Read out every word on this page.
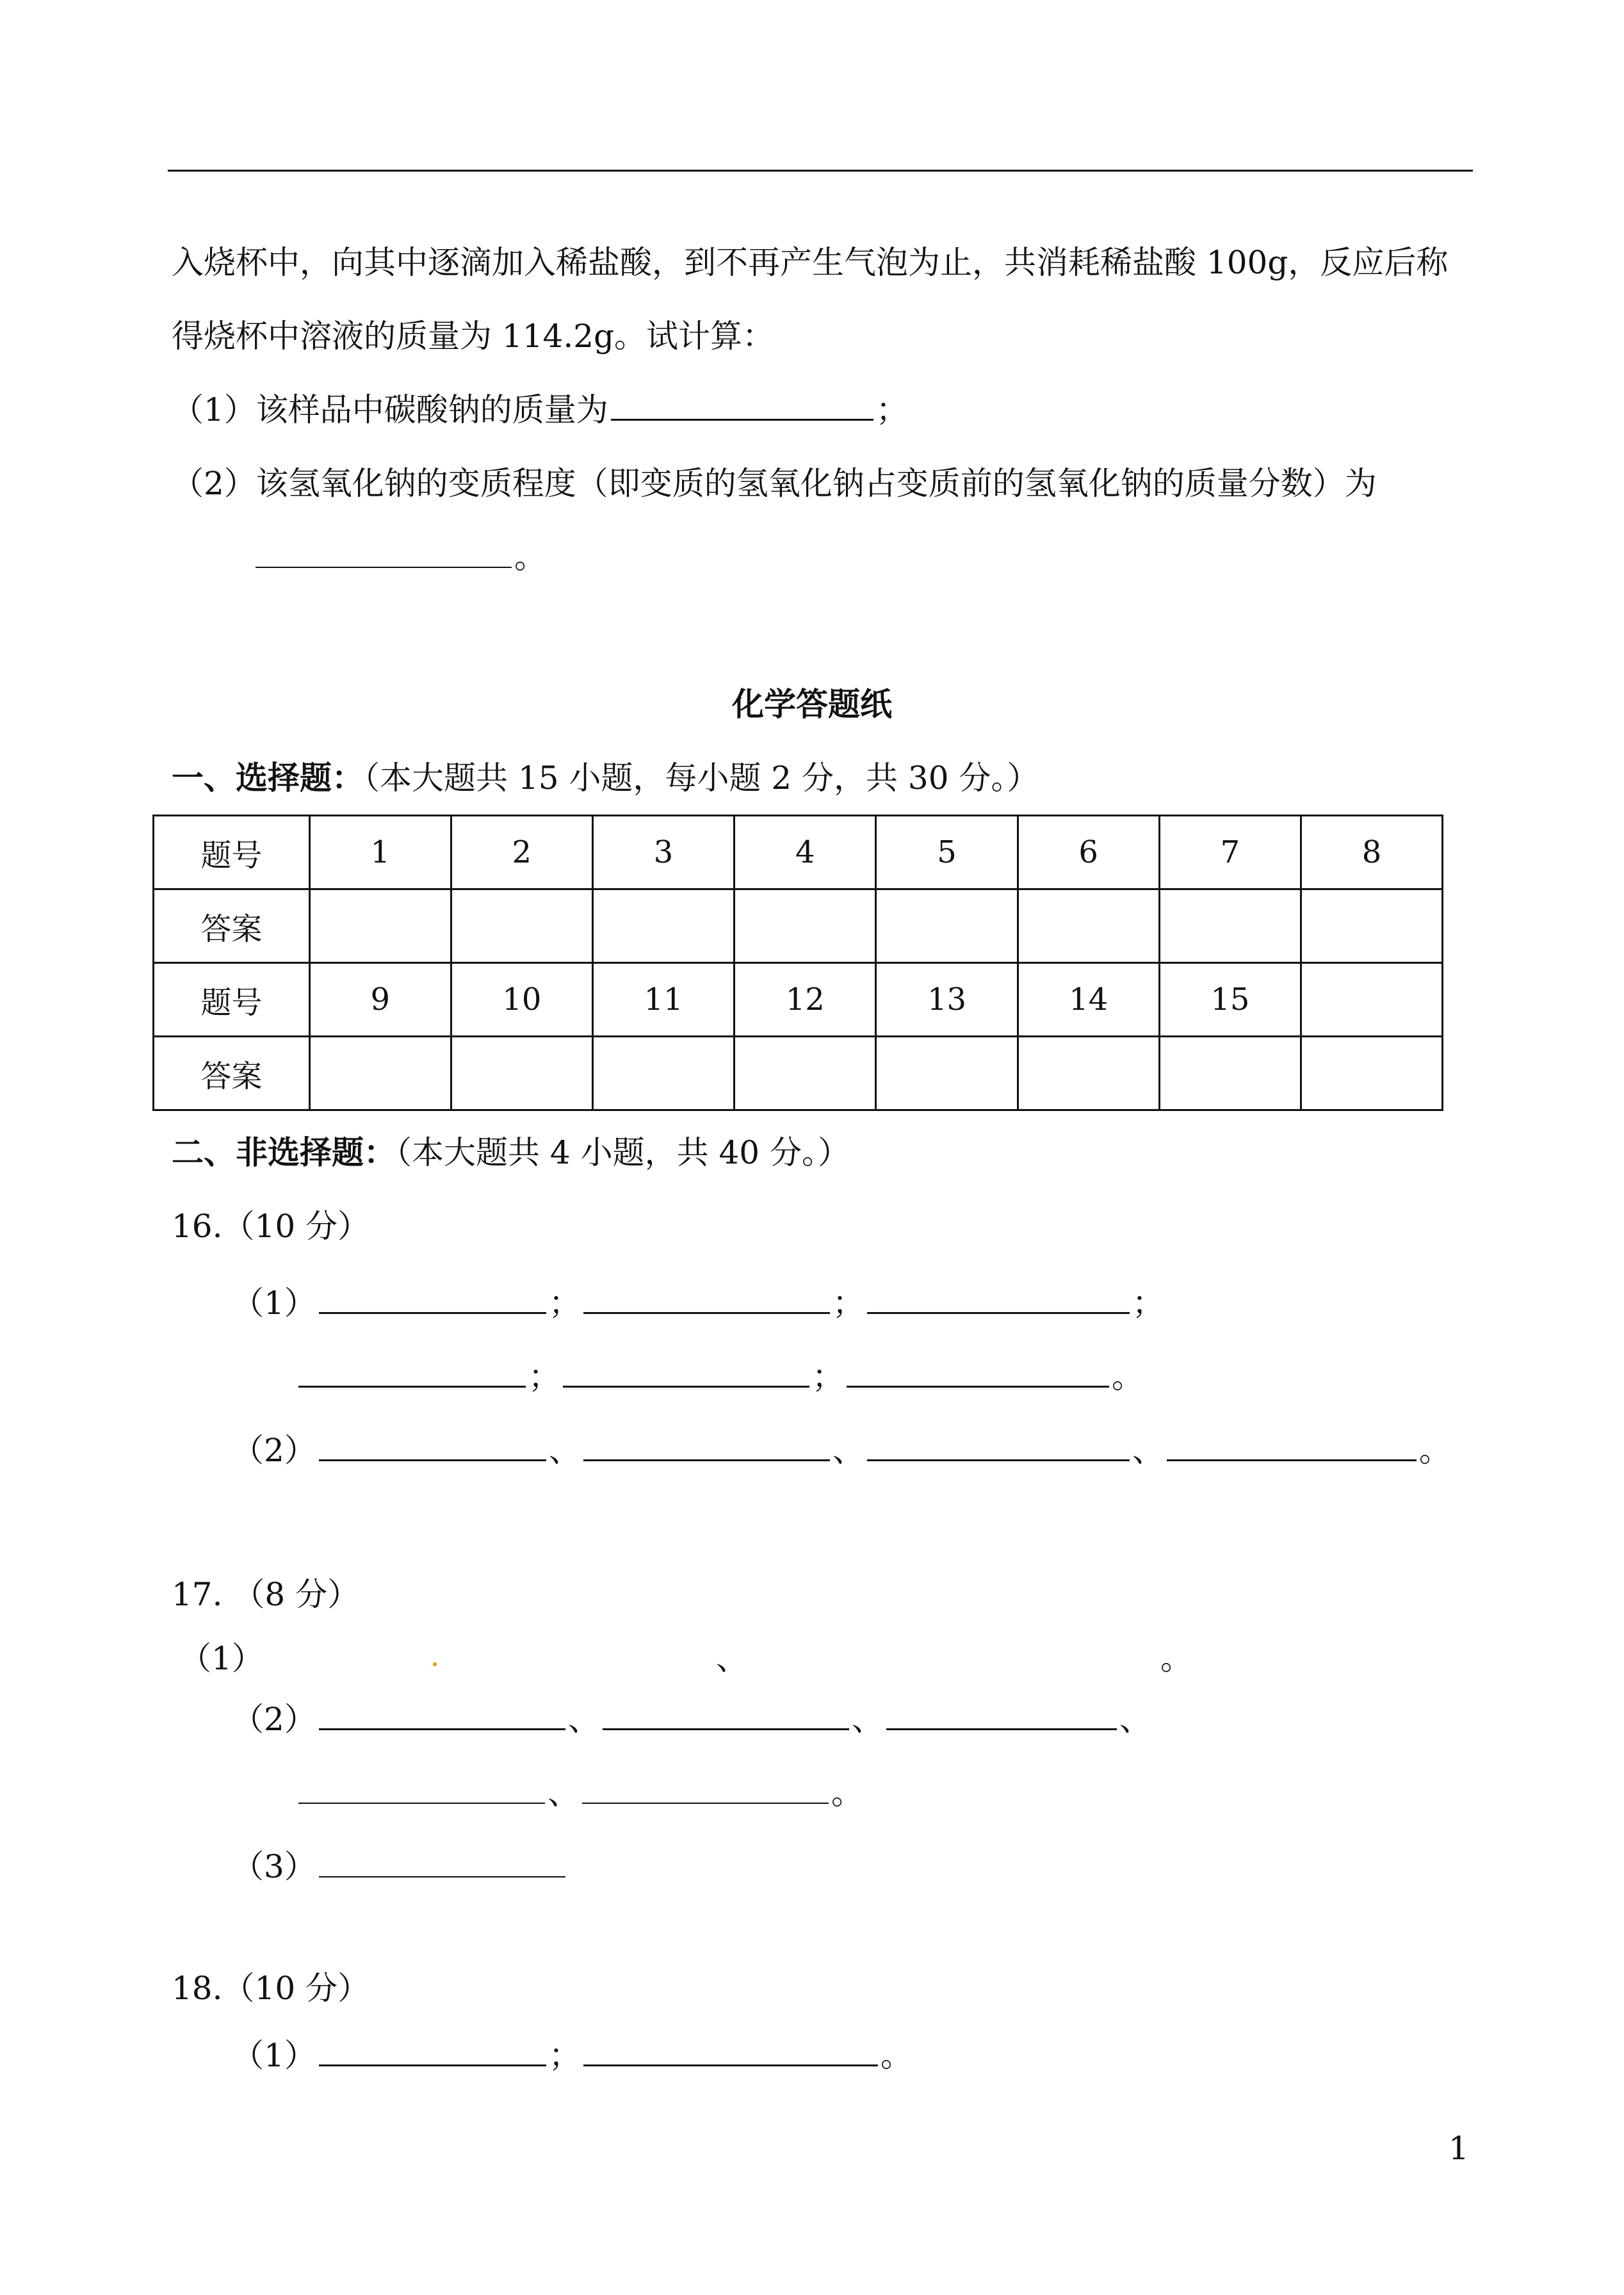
入烧杯中，向其中逐滴加入稀盐酸，到不再产生气泡为止，共消耗稀盐酸 100g，反应后称
得烧杯中溶液的质量为 114.2g。试计算：
（1）该样品中碳酸钠的质量为	；
（2）该氢氧化钠的变质程度（即变质的氢氧化钠占变质前的氢氧化钠的质量分数）为
。
化学答题纸
一、选择题：（本大题共 15 小题，每小题 2 分，共 30 分。）
题号	1	2	3	4	5	6	7	8
答案								
题号	9	10	11	12	13	14	15	
答案								
二、非选择题：（本大题共 4 小题，共 40 分。）
16.（10 分）
（1）	；	；	；
；	；	。
（2）	、	、	、	。
17. （8 分）
（1）	、	。
（2）	、	、	、
、	。
（3）
18.（10 分）
（1）	；	。
1
